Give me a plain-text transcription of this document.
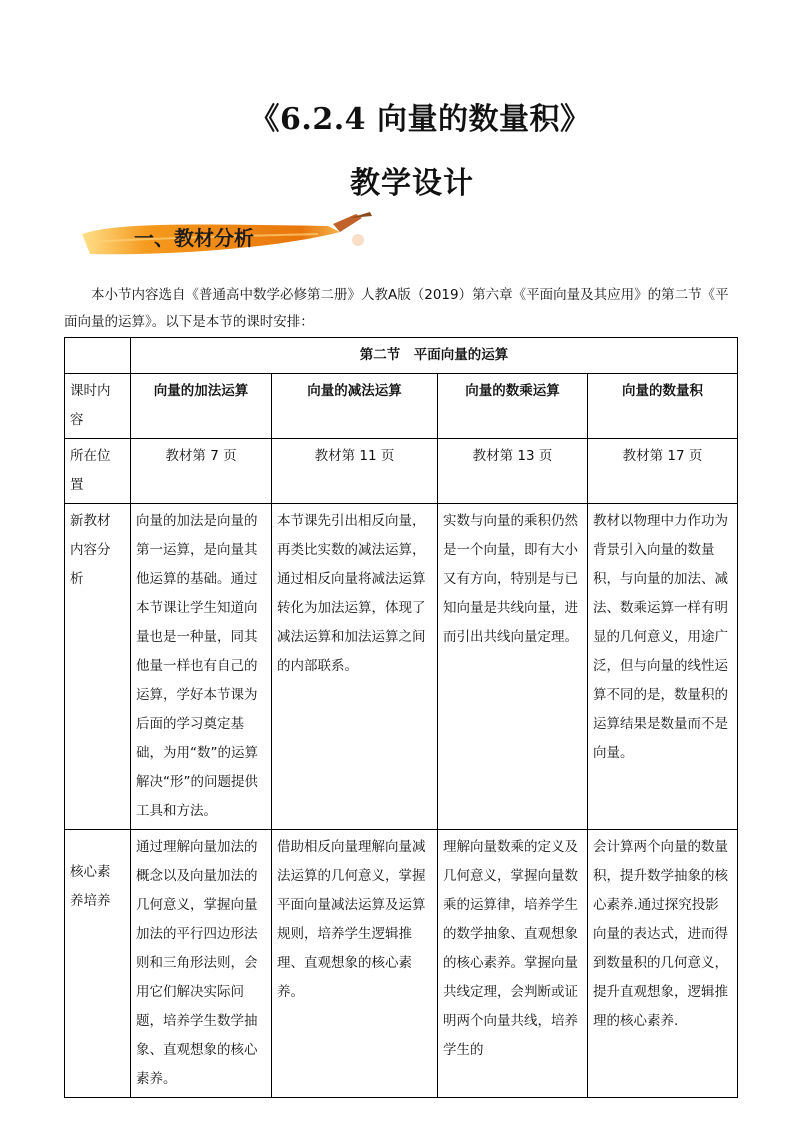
《6.2.4 向量的数量积》
教学设计
一、教材分析

本小节内容选自《普通高中数学必修第二册》人教A版（2019）第六章《平面向量及其应用》的第二节《平面向量的运算》。以下是本节的课时安排：

	第二节　平面向量的运算			

课时内
容	向量的加法运算	向量的减法运算	向量的数乘运算	向量的数量积

所在位
置	教材第 7 页	教材第 11 页	教材第 13 页	教材第 17 页

新教材
内容分
析	向量的加法是向量的第一运算，是向量其他运算的基础。通过本节课让学生知道向量也是一种量，同其他量一样也有自己的运算，学好本节课为后面的学习奠定基础，为用“数”的运算解决“形”的问题提供工具和方法。	本节课先引出相反向量，再类比实数的减法运算，通过相反向量将减法运算转化为加法运算，体现了减法运算和加法运算之间的内部联系。	实数与向量的乘积仍然是一个向量，即有大小又有方向，特别是与已知向量是共线向量，进而引出共线向量定理。	教材以物理中力作功为背景引入向量的数量积，与向量的加法、减法、数乘运算一样有明显的几何意义，用途广泛，但与向量的线性运算不同的是，数量积的运算结果是数量而不是向量。

核心素
养培养	通过理解向量加法的概念以及向量加法的几何意义，掌握向量加法的平行四边形法则和三角形法则，会用它们解决实际问题，培养学生数学抽象、直观想象的核心素养。	借助相反向量理解向量减法运算的几何意义，掌握平面向量减法运算及运算规则，培养学生逻辑推理、直观想象的核心素养。	理解向量数乘的定义及几何意义，掌握向量数乘的运算律，培养学生的数学抽象、直观想象的核心素养。掌握向量共线定理，会判断或证明两个向量共线，培养学生的	会计算两个向量的数量积，提升数学抽象的核心素养.通过探究投影向量的表达式，进而得到数量积的几何意义，提升直观想象，逻辑推理的核心素养.
